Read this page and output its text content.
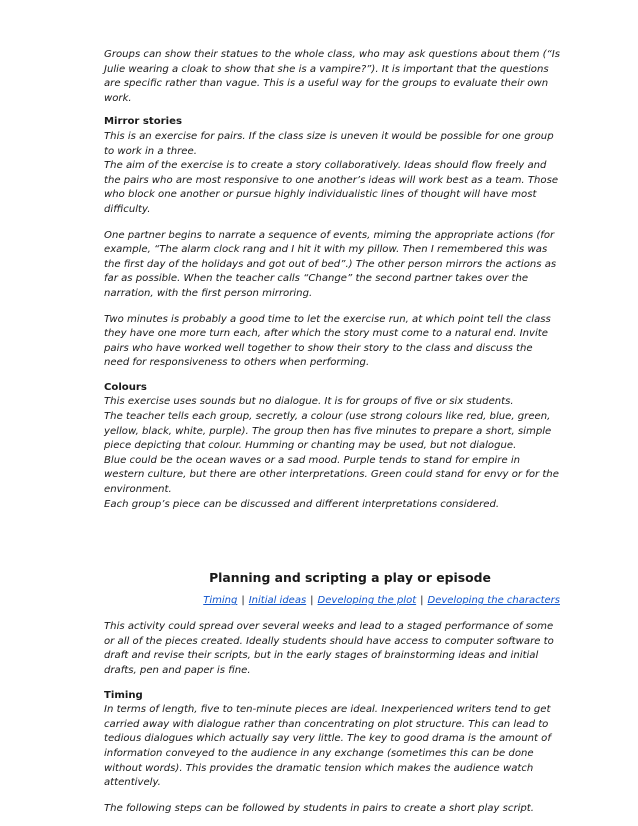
Groups can show their statues to the whole class, who may ask questions about them (“Is Julie wearing a cloak to show that she is a vampire?”). It is important that the questions are specific rather than vague. This is a useful way for the groups to evaluate their own work.

Mirror stories

This is an exercise for pairs. If the class size is uneven it would be possible for one group to work in a three.

The aim of the exercise is to create a story collaboratively. Ideas should flow freely and the pairs who are most responsive to one another’s ideas will work best as a team. Those who block one another or pursue highly individualistic lines of thought will have most difficulty.

One partner begins to narrate a sequence of events, miming the appropriate actions (for example, “The alarm clock rang and I hit it with my pillow. Then I remembered this was the first day of the holidays and got out of bed”.) The other person mirrors the actions as far as possible. When the teacher calls “Change” the second partner takes over the narration, with the first person mirroring.

Two minutes is probably a good time to let the exercise run, at which point tell the class they have one more turn each, after which the story must come to a natural end. Invite pairs who have worked well together to show their story to the class and discuss the need for responsiveness to others when performing.

Colours

This exercise uses sounds but no dialogue. It is for groups of five or six students.

The teacher tells each group, secretly, a colour (use strong colours like red, blue, green, yellow, black, white, purple). The group then has five minutes to prepare a short, simple piece depicting that colour. Humming or chanting may be used, but not dialogue.

Blue could be the ocean waves or a sad mood. Purple tends to stand for empire in western culture, but there are other interpretations. Green could stand for envy or for the environment.

Each group’s piece can be discussed and different interpretations considered.

Planning and scripting a play or episode

Timing | Initial ideas | Developing the plot | Developing the characters

This activity could spread over several weeks and lead to a staged performance of some or all of the pieces created. Ideally students should have access to computer software to draft and revise their scripts, but in the early stages of brainstorming ideas and initial drafts, pen and paper is fine.

Timing

In terms of length, five to ten-minute pieces are ideal. Inexperienced writers tend to get carried away with dialogue rather than concentrating on plot structure. This can lead to tedious dialogues which actually say very little. The key to good drama is the amount of information conveyed to the audience in any exchange (sometimes this can be done without words). This provides the dramatic tension which makes the audience watch attentively.

The following steps can be followed by students in pairs to create a short play script.
